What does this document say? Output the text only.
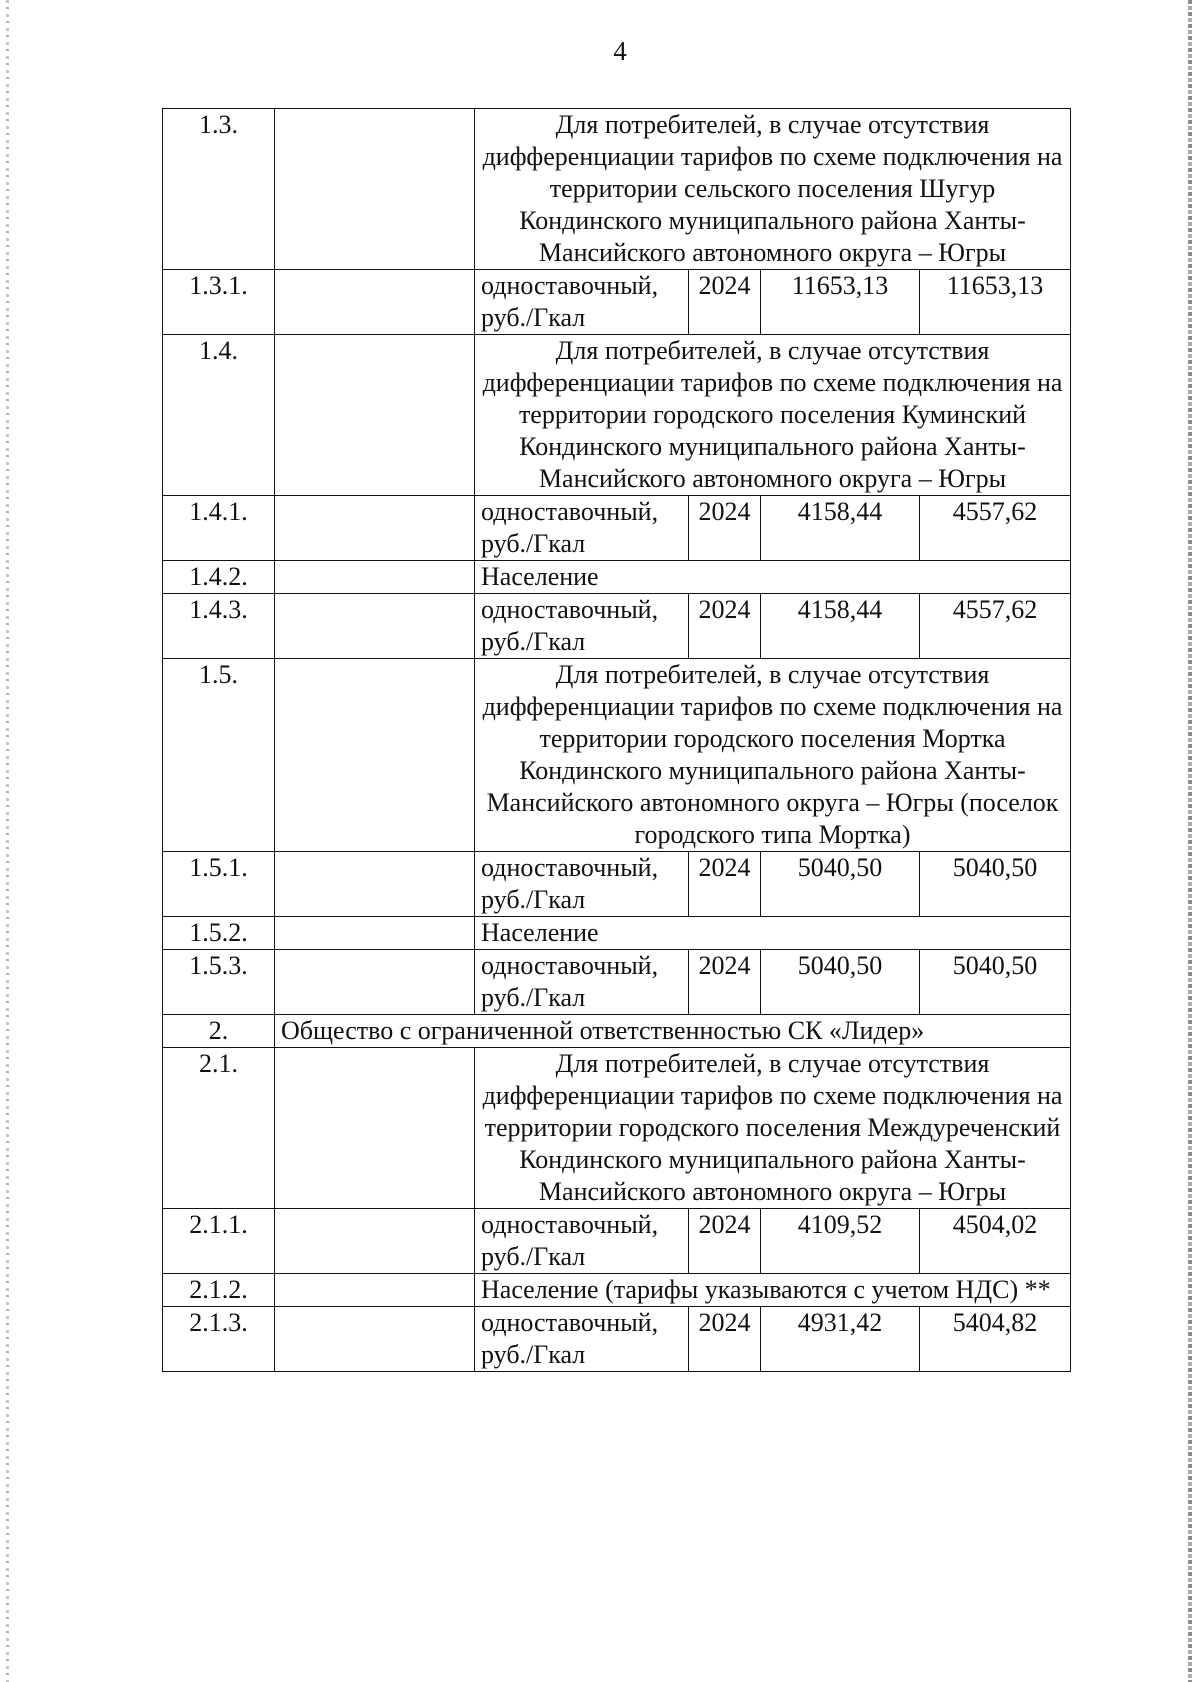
4
1.3.		Для потребителей, в случае отсутствия дифференциации тарифов по схеме подключения на территории сельского поселения Шугур Кондинского муниципального района Ханты-Мансийского автономного округа – Югры			
1.3.1.		одноставочный, руб./Гкал	2024	11653,13	11653,13
1.4.		Для потребителей, в случае отсутствия дифференциации тарифов по схеме подключения на территории городского поселения Куминский Кондинского муниципального района Ханты-Мансийского автономного округа – Югры			
1.4.1.		одноставочный, руб./Гкал	2024	4158,44	4557,62
1.4.2.		Население			
1.4.3.		одноставочный, руб./Гкал	2024	4158,44	4557,62
1.5.		Для потребителей, в случае отсутствия дифференциации тарифов по схеме подключения на территории городского поселения Мортка Кондинского муниципального района Ханты-Мансийского автономного округа – Югры (поселок городского типа Мортка)			
1.5.1.		одноставочный, руб./Гкал	2024	5040,50	5040,50
1.5.2.		Население			
1.5.3.		одноставочный, руб./Гкал	2024	5040,50	5040,50
2.	Общество с ограниченной ответственностью СК «Лидер»				
2.1.		Для потребителей, в случае отсутствия дифференциации тарифов по схеме подключения на территории городского поселения Междуреченский Кондинского муниципального района Ханты-Мансийского автономного округа – Югры			
2.1.1.		одноставочный, руб./Гкал	2024	4109,52	4504,02
2.1.2.		Население (тарифы указываются с учетом НДС) **			
2.1.3.		одноставочный, руб./Гкал	2024	4931,42	5404,82
